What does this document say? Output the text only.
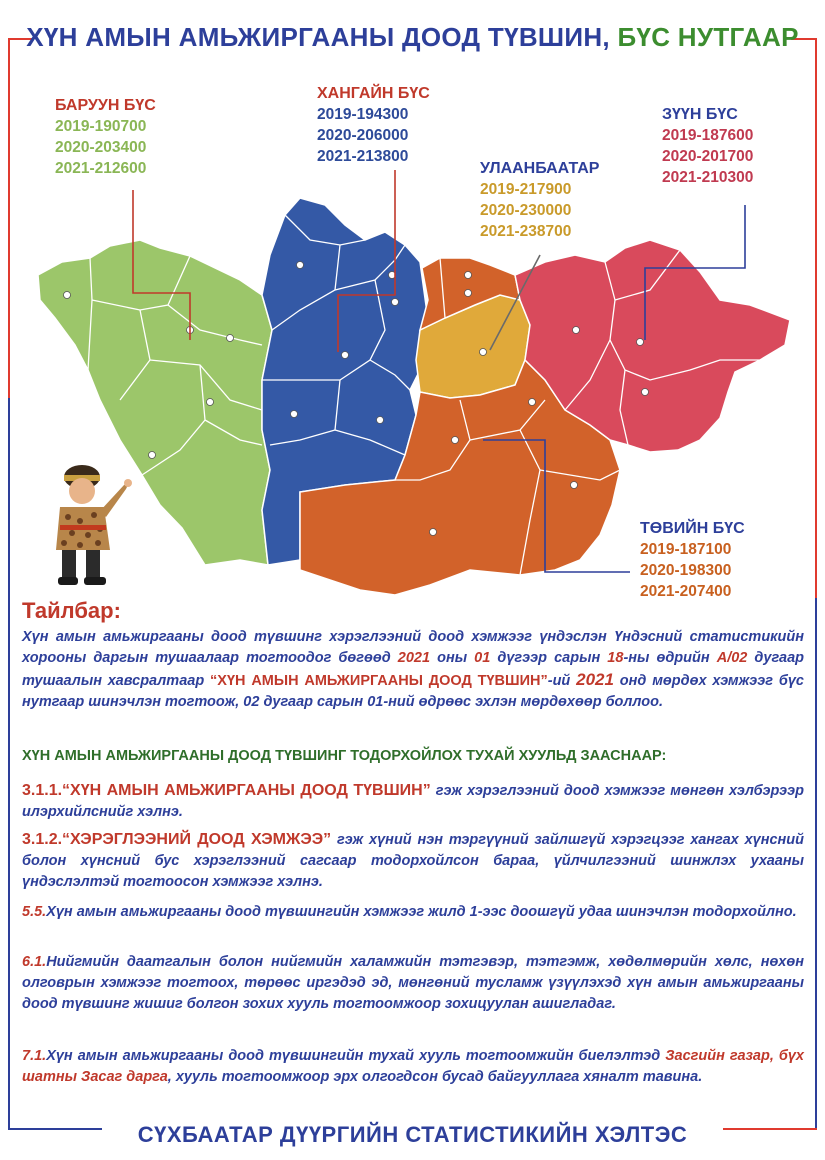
ХҮН АМЫН АМЬЖИРГААНЫ ДООД ТҮВШИН, БҮС НУТГААР
БАРУУН БҮС
2019-190700
2020-203400
2021-212600
ХАНГАЙН БҮС
2019-194300
2020-206000
2021-213800
УЛААНБААТАР
2019-217900
2020-230000
2021-238700
ЗҮҮН БҮС
2019-187600
2020-201700
2021-210300
ТӨВИЙН БҮС
2019-187100
2020-198300
2021-207400
Тайлбар:
Хүн амын амьжиргааны доод түвшинг хэрэглээний доод хэмжээг үндэслэн Үндэсний статистикийн хорооны даргын тушаалаар тогтоодог бөгөөд 2021 оны 01 дүгээр сарын 18-ны өдрийн А/02 дугаар тушаалын хавсралтаар “ХҮН АМЫН АМЬЖИРГААНЫ ДООД ТҮВШИН”-ий 2021 онд мөрдөх хэмжээг бүс нутгаар шинэчлэн тогтоож, 02 дугаар сарын 01-ний өдрөөс эхлэн мөрдөхөөр боллоо.
ХҮН АМЫН АМЬЖИРГААНЫ ДООД ТҮВШИНГ ТОДОРХОЙЛОХ ТУХАЙ ХУУЛЬД ЗААСНААР:
3.1.1.“ХҮН АМЫН АМЬЖИРГААНЫ ДООД ТҮВШИН” гэж хэрэглээний доод хэмжээг мөнгөн хэлбэрээр илэрхийлснийг хэлнэ.
3.1.2.“ХЭРЭГЛЭЭНИЙ ДООД ХЭМЖЭЭ” гэж хүний нэн тэргүүний зайлшгүй хэрэгцээг хангах хүнсний болон хүнсний бус хэрэглээний сагсаар тодорхойлсон бараа, үйлчилгээний шинжлэх ухааны үндэслэлтэй тогтоосон хэмжээг хэлнэ.
5.5.Хүн амын амьжиргааны доод түвшингийн хэмжээг жилд 1-ээс доошгүй удаа шинэчлэн тодорхойлно.
6.1.Нийгмийн даатгалын болон нийгмийн халамжийн тэтгэвэр, тэтгэмж, хөдөлмөрийн хөлс, нөхөн олговрын хэмжээг тогтоох, төрөөс иргэдэд эд, мөнгөний тусламж үзүүлэхэд хүн амын амьжиргааны доод түвшинг жишиг болгон зохих хууль тогтоомжоор зохицуулан ашигладаг.
7.1.Хүн амын амьжиргааны доод түвшингийн тухай хууль тогтоомжийн биелэлтэд Засгийн газар, бүх шатны Засаг дарга, хууль тогтоомжоор эрх олгогдсон бусад байгууллага хяналт тавина.
СҮХБААТАР ДҮҮРГИЙН СТАТИСТИКИЙН ХЭЛТЭС
